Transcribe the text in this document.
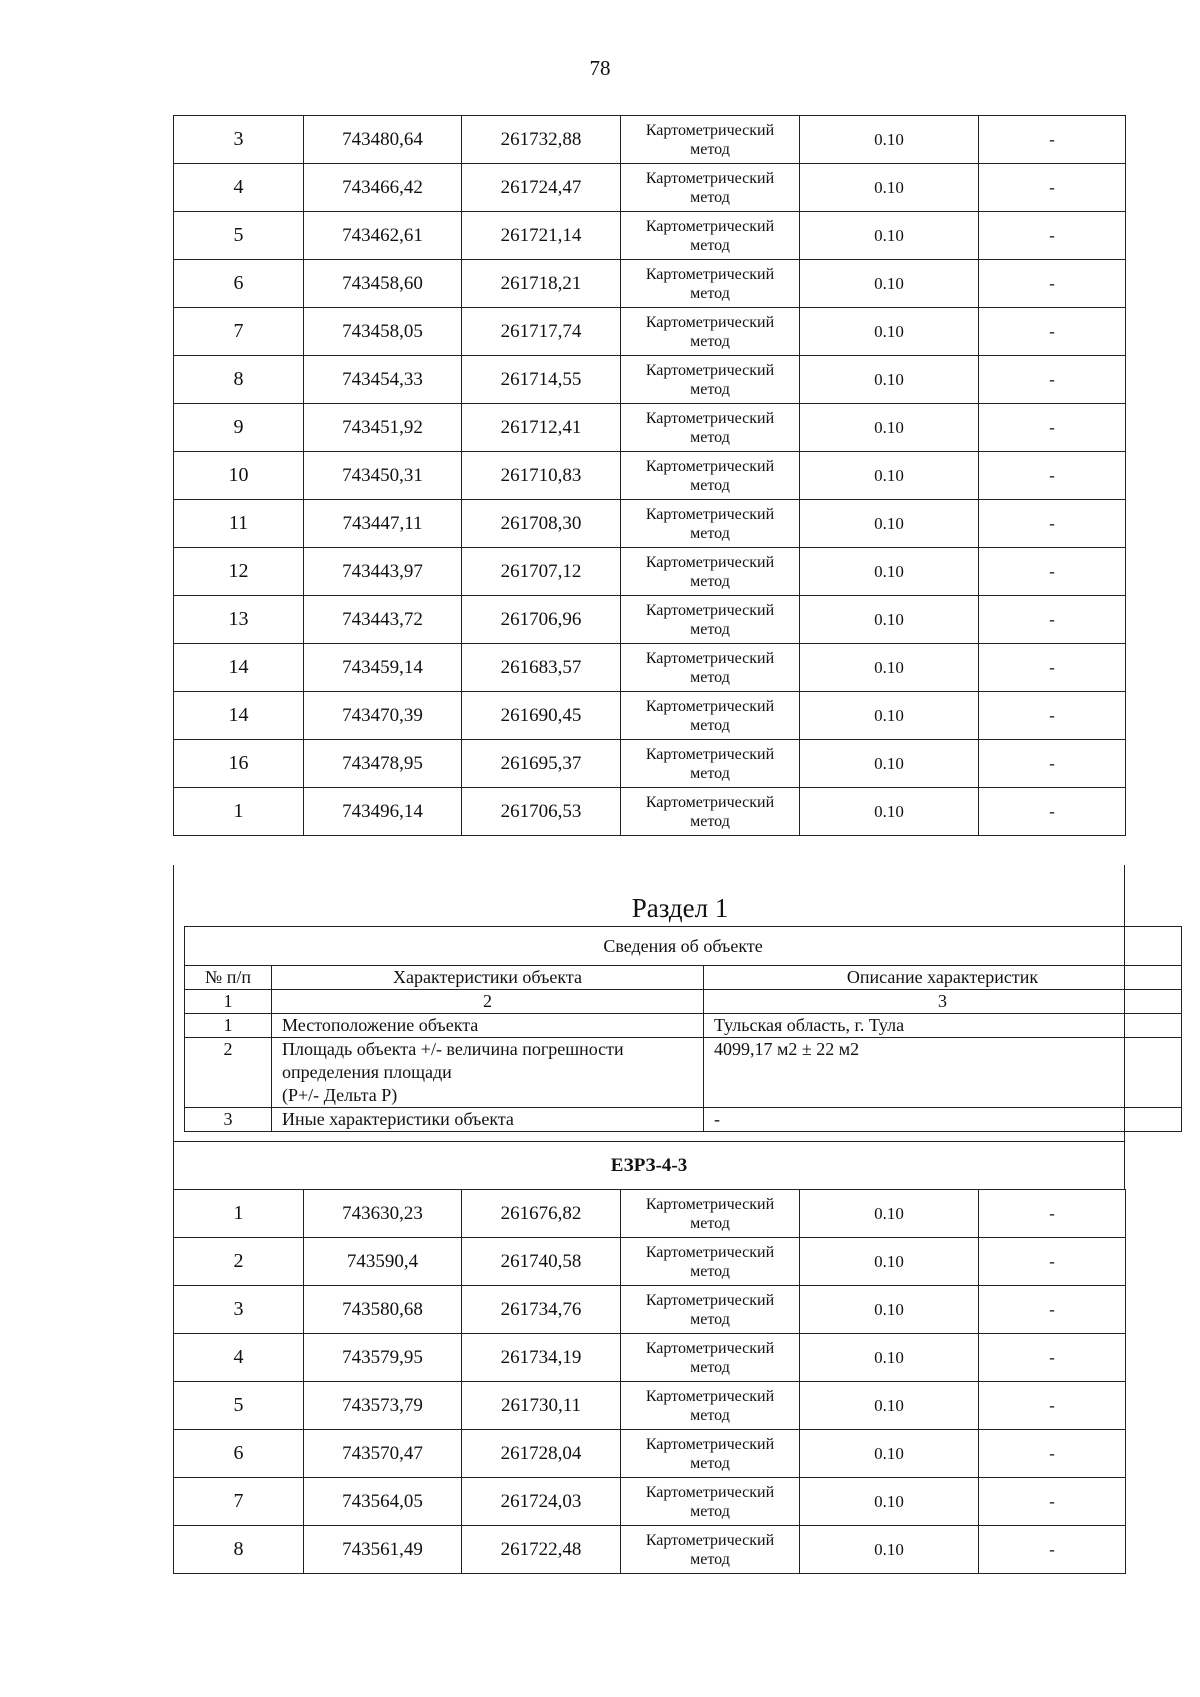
78
3	743480,64	261732,88	Картометрический
метод	0.10	-
4	743466,42	261724,47	Картометрический
метод	0.10	-
5	743462,61	261721,14	Картометрический
метод	0.10	-
6	743458,60	261718,21	Картометрический
метод	0.10	-
7	743458,05	261717,74	Картометрический
метод	0.10	-
8	743454,33	261714,55	Картометрический
метод	0.10	-
9	743451,92	261712,41	Картометрический
метод	0.10	-
10	743450,31	261710,83	Картометрический
метод	0.10	-
11	743447,11	261708,30	Картометрический
метод	0.10	-
12	743443,97	261707,12	Картометрический
метод	0.10	-
13	743443,72	261706,96	Картометрический
метод	0.10	-
14	743459,14	261683,57	Картометрический
метод	0.10	-
14	743470,39	261690,45	Картометрический
метод	0.10	-
16	743478,95	261695,37	Картометрический
метод	0.10	-
1	743496,14	261706,53	Картометрический
метод	0.10	-
Раздел 1
Сведения об объекте		
№ п/п	Характеристики объекта	Описание характеристик
1	2	3
1	Местоположение объекта	Тульская область, г. Тула
2	Площадь объекта +/- величина погрешности
определения площади
(Р+/- Дельта Р)	4099,17 м2 ± 22 м2
3	Иные характеристики объекта	-
ЕЗРЗ-4-3
1	743630,23	261676,82	Картометрический
метод	0.10	-
2	743590,4	261740,58	Картометрический
метод	0.10	-
3	743580,68	261734,76	Картометрический
метод	0.10	-
4	743579,95	261734,19	Картометрический
метод	0.10	-
5	743573,79	261730,11	Картометрический
метод	0.10	-
6	743570,47	261728,04	Картометрический
метод	0.10	-
7	743564,05	261724,03	Картометрический
метод	0.10	-
8	743561,49	261722,48	Картометрический
метод	0.10	-
